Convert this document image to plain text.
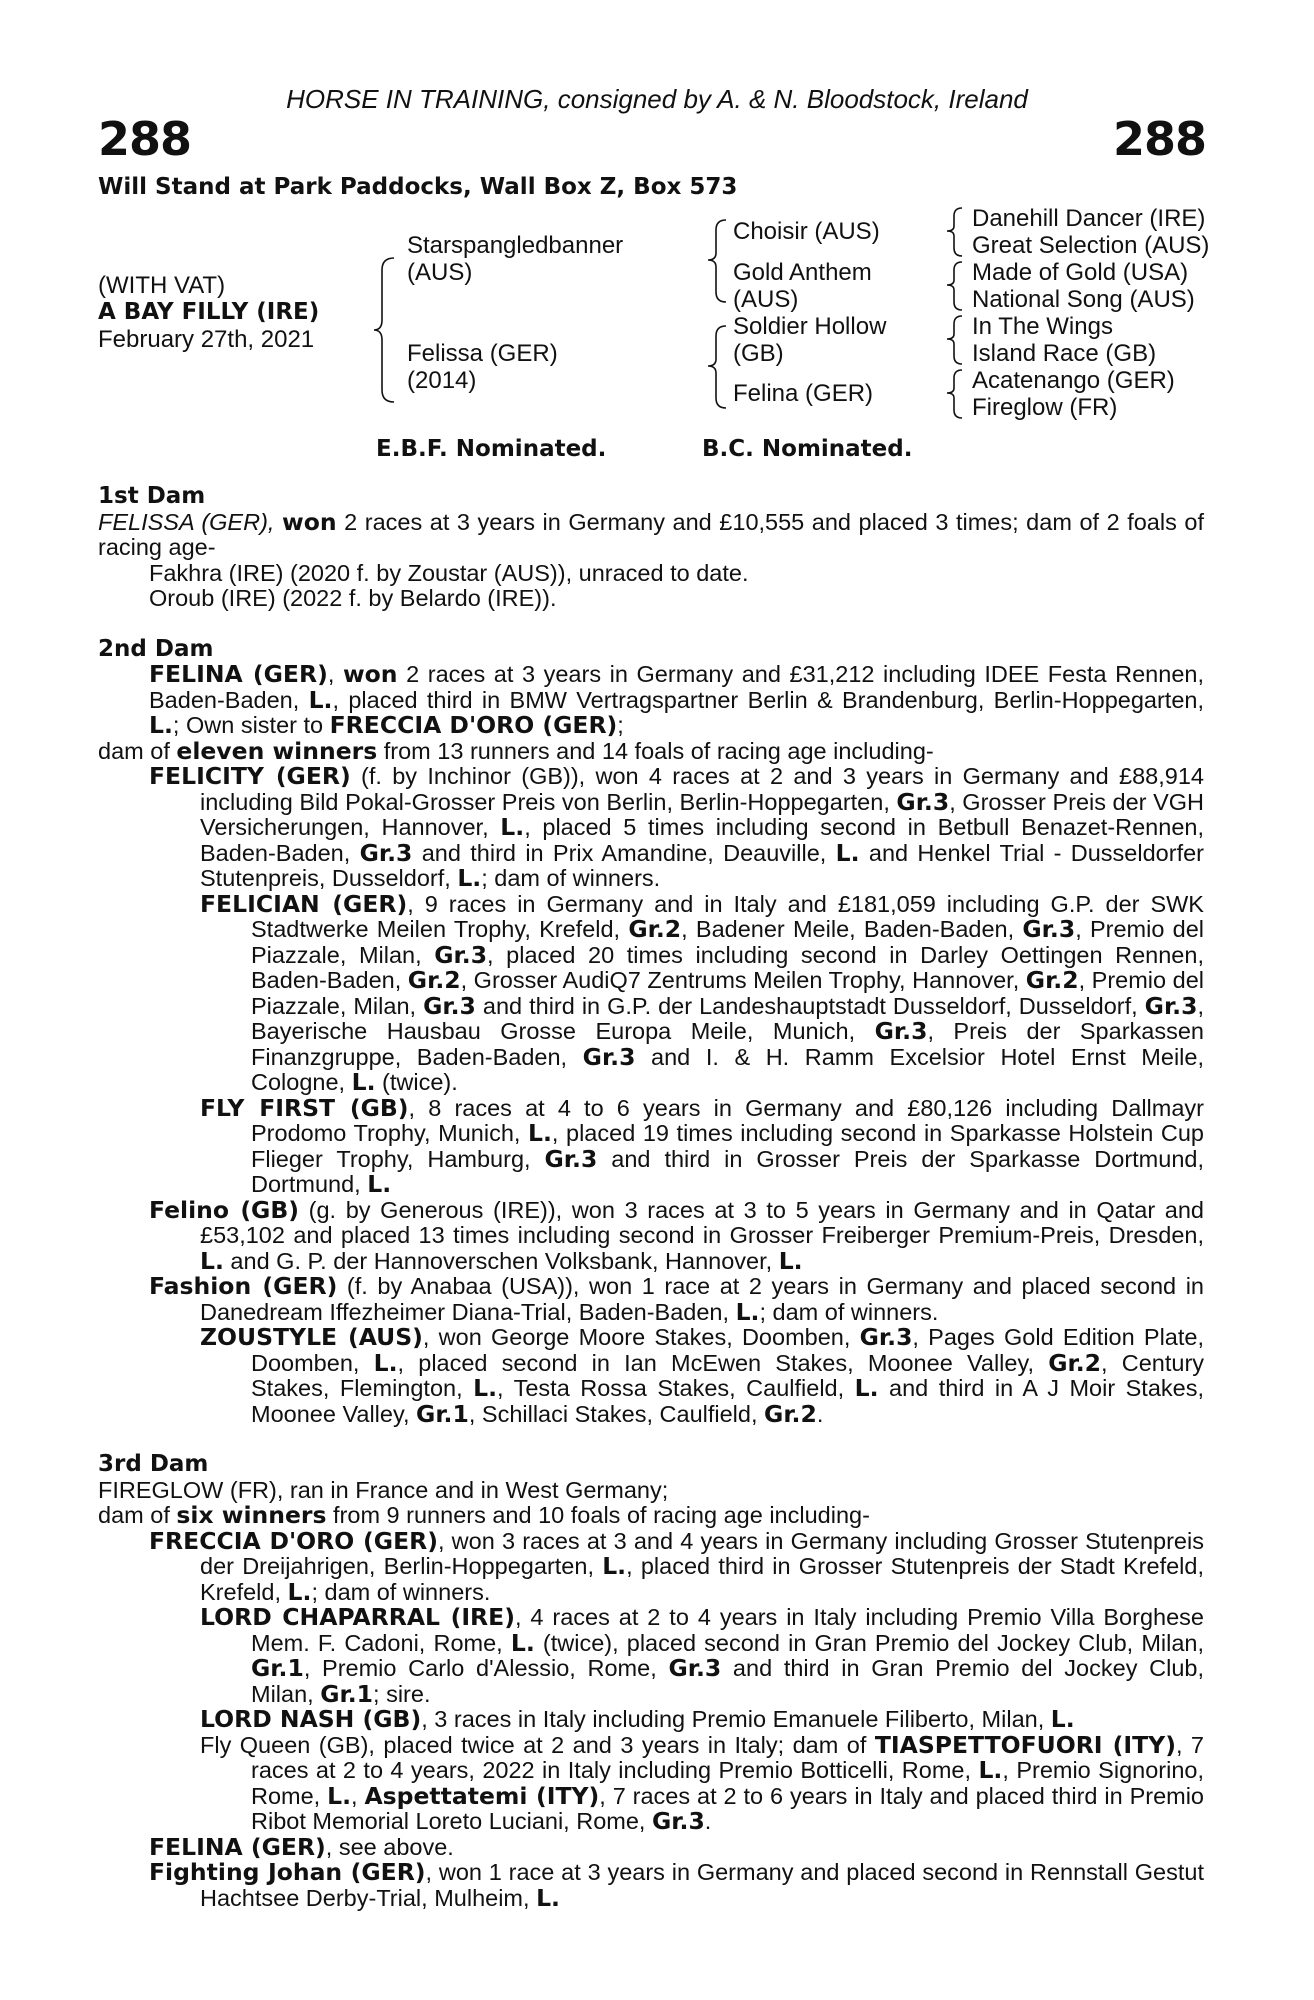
HORSE IN TRAINING, consigned by A. & N. Bloodstock, Ireland
288	288
Will Stand at Park Paddocks, Wall Box Z, Box 573
(WITH VAT)
A BAY FILLY (IRE)
February 27th, 2021
Starspangledbanner
(AUS)
Felissa (GER)
(2014)
Choisir (AUS)
Gold Anthem
(AUS)
Soldier Hollow
(GB)
Felina (GER)
Danehill Dancer (IRE)
Great Selection (AUS)
Made of Gold (USA)
National Song (AUS)
In The Wings
Island Race (GB)
Acatenango (GER)
Fireglow (FR)
E.B.F. Nominated.	B.C. Nominated.

1st Dam

FELISSA (GER), won 2 races at 3 years in Germany and £10,555 and placed 3 times; dam of 2 foals of racing age-

Fakhra (IRE) (2020 f. by Zoustar (AUS)), unraced to date.

Oroub (IRE) (2022 f. by Belardo (IRE)).

2nd Dam

FELINA (GER), won 2 races at 3 years in Germany and £31,212 including IDEE Festa Rennen, Baden-Baden, L., placed third in BMW Vertragspartner Berlin & Brandenburg, Berlin-Hoppegarten, L.; Own sister to FRECCIA D'ORO (GER);

dam of eleven winners from 13 runners and 14 foals of racing age including-

FELICITY (GER) (f. by Inchinor (GB)), won 4 races at 2 and 3 years in Germany and £88,914 including Bild Pokal-Grosser Preis von Berlin, Berlin-Hoppegarten, Gr.3, Grosser Preis der VGH Versicherungen, Hannover, L., placed 5 times including second in Betbull Benazet-Rennen, Baden-Baden, Gr.3 and third in Prix Amandine, Deauville, L. and Henkel Trial - Dusseldorfer Stutenpreis, Dusseldorf, L.; dam of winners.

FELICIAN (GER), 9 races in Germany and in Italy and £181,059 including G.P. der SWK Stadtwerke Meilen Trophy, Krefeld, Gr.2, Badener Meile, Baden-Baden, Gr.3, Premio del Piazzale, Milan, Gr.3, placed 20 times including second in Darley Oettingen Rennen, Baden-Baden, Gr.2, Grosser AudiQ7 Zentrums Meilen Trophy, Hannover, Gr.2, Premio del Piazzale, Milan, Gr.3 and third in G.P. der Landeshauptstadt Dusseldorf, Dusseldorf, Gr.3, Bayerische Hausbau Grosse Europa Meile, Munich, Gr.3, Preis der Sparkassen Finanzgruppe, Baden-Baden, Gr.3 and I. & H. Ramm Excelsior Hotel Ernst Meile, Cologne, L. (twice).

FLY FIRST (GB), 8 races at 4 to 6 years in Germany and £80,126 including Dallmayr Prodomo Trophy, Munich, L., placed 19 times including second in Sparkasse Holstein Cup Flieger Trophy, Hamburg, Gr.3 and third in Grosser Preis der Sparkasse Dortmund, Dortmund, L.

Felino (GB) (g. by Generous (IRE)), won 3 races at 3 to 5 years in Germany and in Qatar and £53,102 and placed 13 times including second in Grosser Freiberger Premium-Preis, Dresden, L. and G. P. der Hannoverschen Volksbank, Hannover, L.

Fashion (GER) (f. by Anabaa (USA)), won 1 race at 2 years in Germany and placed second in Danedream Iffezheimer Diana-Trial, Baden-Baden, L.; dam of winners.

ZOUSTYLE (AUS), won George Moore Stakes, Doomben, Gr.3, Pages Gold Edition Plate, Doomben, L., placed second in Ian McEwen Stakes, Moonee Valley, Gr.2, Century Stakes, Flemington, L., Testa Rossa Stakes, Caulfield, L. and third in A J Moir Stakes, Moonee Valley, Gr.1, Schillaci Stakes, Caulfield, Gr.2.

3rd Dam

FIREGLOW (FR), ran in France and in West Germany;

dam of six winners from 9 runners and 10 foals of racing age including-

FRECCIA D'ORO (GER), won 3 races at 3 and 4 years in Germany including Grosser Stutenpreis der Dreijahrigen, Berlin-Hoppegarten, L., placed third in Grosser Stutenpreis der Stadt Krefeld, Krefeld, L.; dam of winners.

LORD CHAPARRAL (IRE), 4 races at 2 to 4 years in Italy including Premio Villa Borghese Mem. F. Cadoni, Rome, L. (twice), placed second in Gran Premio del Jockey Club, Milan, Gr.1, Premio Carlo d'Alessio, Rome, Gr.3 and third in Gran Premio del Jockey Club, Milan, Gr.1; sire.

LORD NASH (GB), 3 races in Italy including Premio Emanuele Filiberto, Milan, L.

Fly Queen (GB), placed twice at 2 and 3 years in Italy; dam of TIASPETTOFUORI (ITY), 7 races at 2 to 4 years, 2022 in Italy including Premio Botticelli, Rome, L., Premio Signorino, Rome, L., Aspettatemi (ITY), 7 races at 2 to 6 years in Italy and placed third in Premio Ribot Memorial Loreto Luciani, Rome, Gr.3.

FELINA (GER), see above.

Fighting Johan (GER), won 1 race at 3 years in Germany and placed second in Rennstall Gestut Hachtsee Derby-Trial, Mulheim, L.
